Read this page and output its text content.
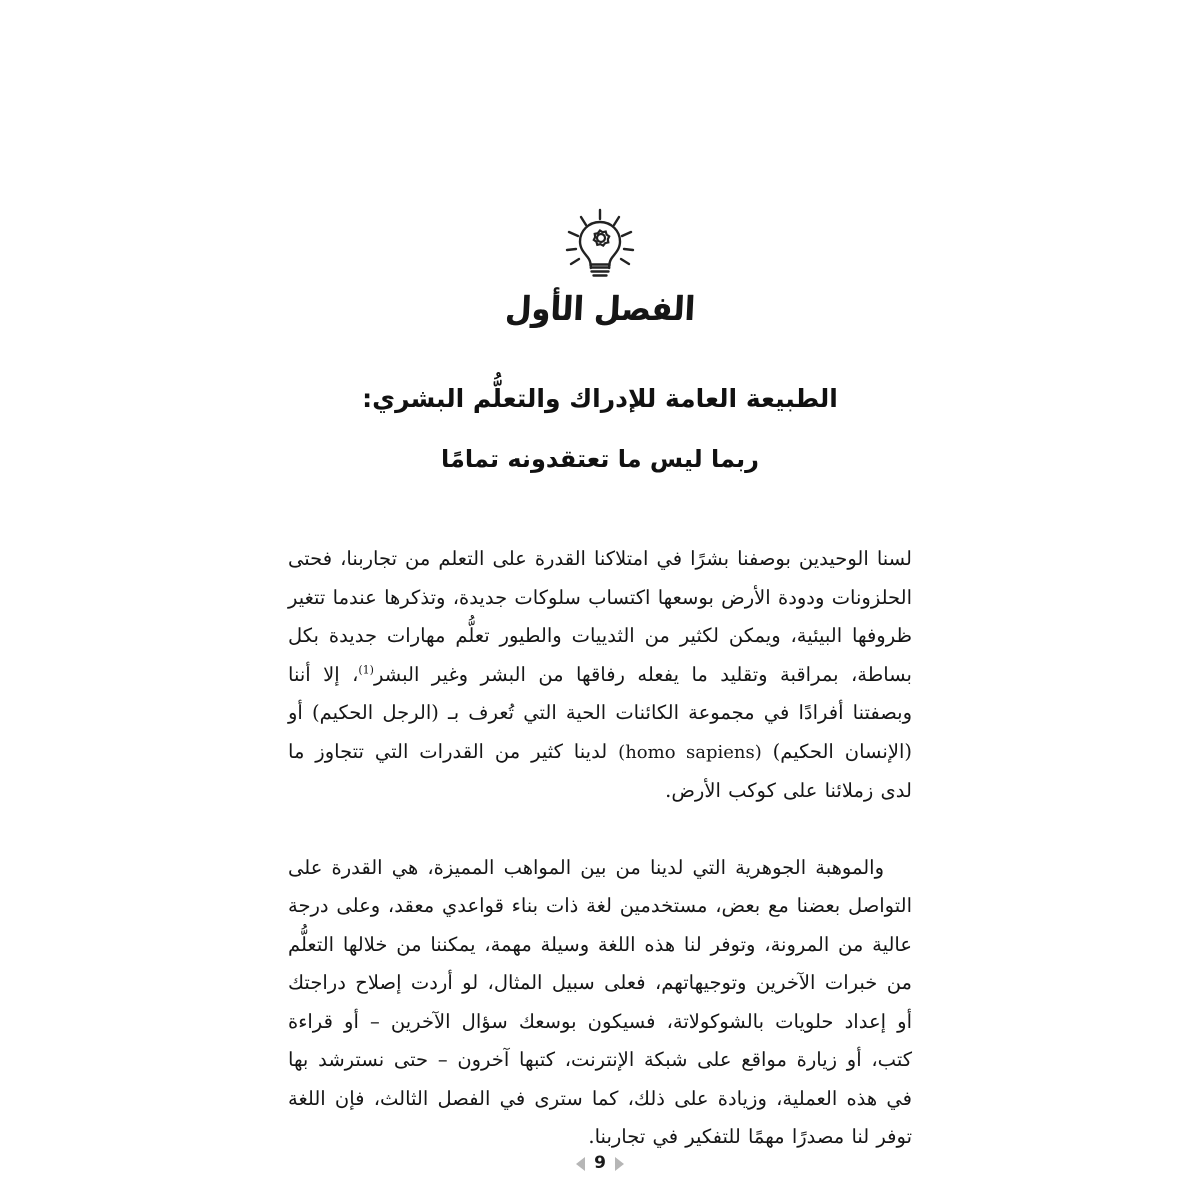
الفصل الأول
الطبيعة العامة للإدراك والتعلُّم البشري:
ربما ليس ما تعتقدونه تمامًا

لسنا الوحيدين بوصفنا بشرًا في امتلاكنا القدرة على التعلم من تجاربنا، فحتى الحلزونات ودودة الأرض بوسعها اكتساب سلوكات جديدة، وتذكرها عندما تتغير ظروفها البيئية، ويمكن لكثير من الثدييات والطيور تعلُّم مهارات جديدة بكل بساطة، بمراقبة وتقليد ما يفعله رفاقها من البشر وغير البشر$^{(1)}$، إلا أننا وبصفتنا أفرادًا في مجموعة الكائنات الحية التي تُعرف بـ (الرجل الحكيم) أو (الإنسان الحكيم) (homo sapiens) لدينا كثير من القدرات التي تتجاوز ما لدى زملائنا على كوكب الأرض.

والموهبة الجوهرية التي لدينا من بين المواهب المميزة، هي القدرة على التواصل بعضنا مع بعض، مستخدمين لغة ذات بناء قواعدي معقد، وعلى درجة عالية من المرونة، وتوفر لنا هذه اللغة وسيلة مهمة، يمكننا من خلالها التعلُّم من خبرات الآخرين وتوجيهاتهم، فعلى سبيل المثال، لو أردت إصلاح دراجتك أو إعداد حلويات بالشوكولاتة، فسيكون بوسعك سؤال الآخرين – أو قراءة كتب، أو زيارة مواقع على شبكة الإنترنت، كتبها آخرون – حتى نسترشد بها في هذه العملية، وزيادة على ذلك، كما سترى في الفصل الثالث، فإن اللغة توفر لنا مصدرًا مهمًا للتفكير في تجاربنا.

9
